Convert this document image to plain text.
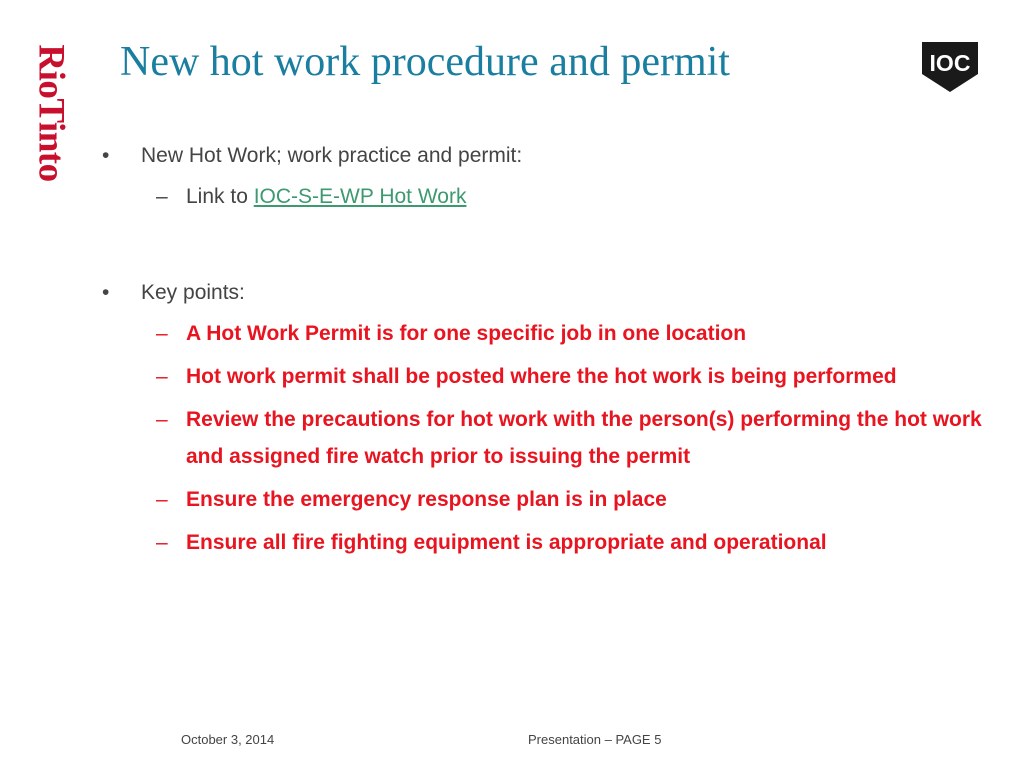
RioTinto New hot work procedure and permit	IOC
• New Hot Work; work practice and permit:
– Link to IOC-S-E-WP Hot Work
• Key points:
– A Hot Work Permit is for one specific job in one location
– Hot work permit shall be posted where the hot work is being performed
– Review the precautions for hot work with the person(s) performing the hot work and assigned fire watch prior to issuing the permit
– Ensure the emergency response plan is in place
– Ensure all fire fighting equipment is appropriate and operational
October 3, 2014	Presentation – PAGE 5
